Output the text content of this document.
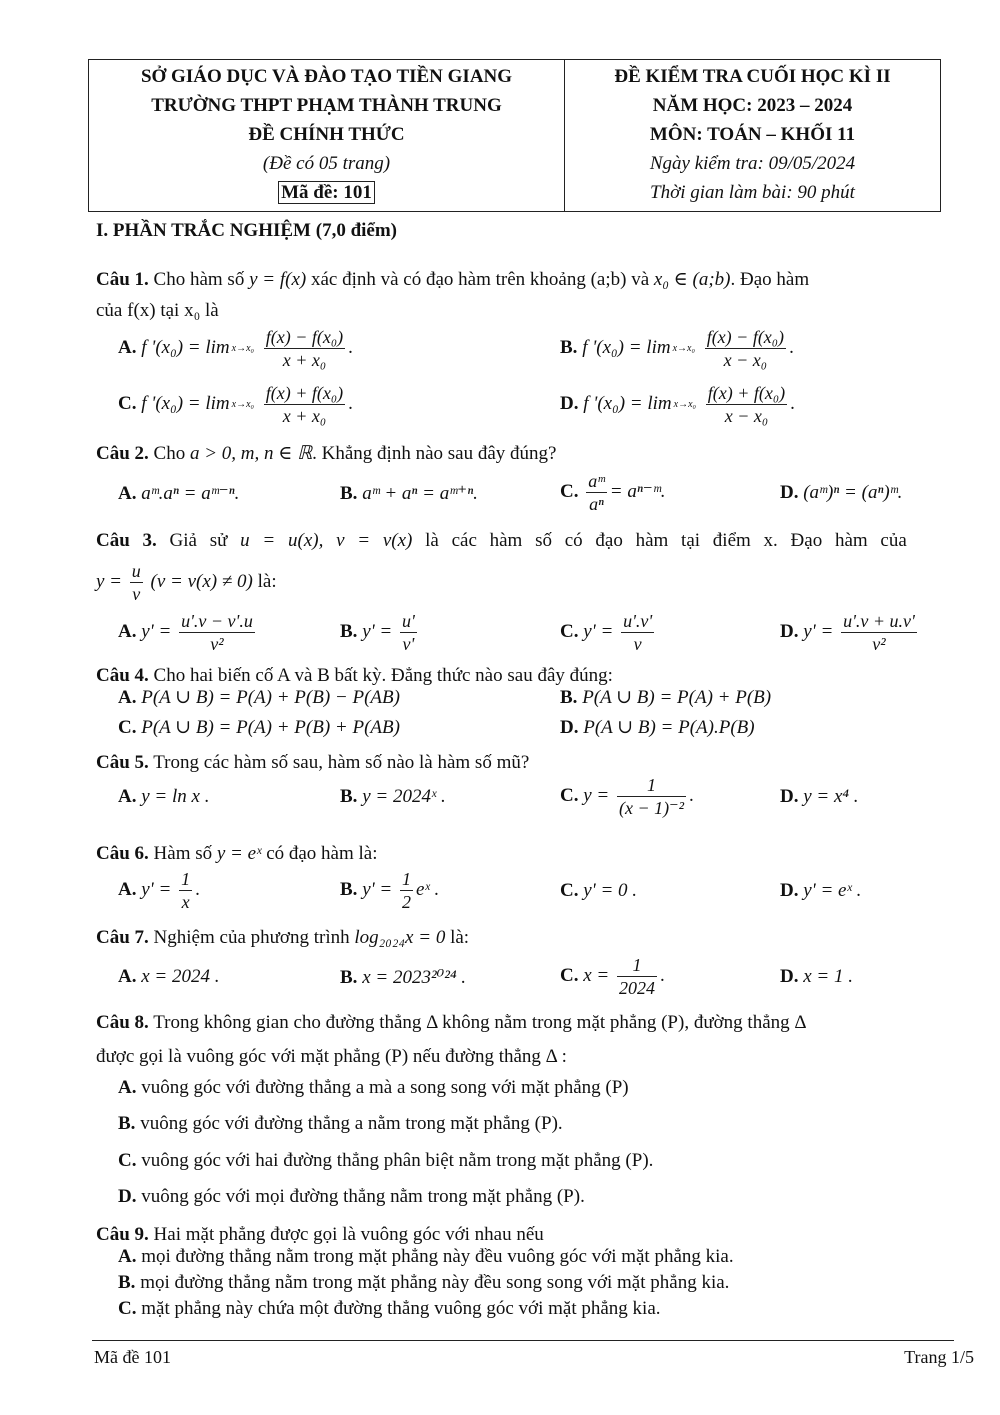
SỞ GIÁO DỤC VÀ ĐÀO TẠO TIỀN GIANG
TRƯỜNG THPT PHẠM THÀNH TRUNG
ĐỀ CHÍNH THỨC
(Đề có 05 trang)
Mã đề: 101

ĐỀ KIỂM TRA CUỐI HỌC KÌ II
NĂM HỌC: 2023 – 2024
MÔN: TOÁN – KHỐI 11
Ngày kiểm tra: 09/05/2024
Thời gian làm bài: 90 phút
I. PHẦN TRẮC NGHIỆM (7,0 điểm)
Câu 1. Cho hàm số y = f(x) xác định và có đạo hàm trên khoảng (a;b) và x₀ ∈ (a;b). Đạo hàm
của f(x) tại x₀ là
A. f '(x₀) = lim x→x₀
$\frac{\text{f(x) − f(x₀)}}{\text{x + x₀}}$ .	B. f '(x₀) = lim x→x₀
$\frac{\text{f(x) − f(x₀)}}{\text{x − x₀}}$ .
C. f '(x₀) = lim x→x₀
$\frac{\text{f(x) + f(x₀)}}{\text{x + x₀}}$ .	D. f '(x₀) = lim x→x₀
$\frac{\text{f(x) + f(x₀)}}{\text{x − x₀}}$ .
Câu 2. Cho a > 0, m, n ∈ ℝ. Khẳng định nào sau đây đúng?
A. aᵐ.aⁿ = aᵐ⁻ⁿ.	B. aᵐ + aⁿ = aᵐ⁺ⁿ.	C. $\frac{\text{aᵐ}}{\text{aⁿ}}$ = aⁿ⁻ᵐ.	D. (aᵐ)ⁿ = (aⁿ)ᵐ.
Câu 3. Giả sử u = u(x), v = v(x) là các hàm số có đạo hàm tại điểm x. Đạo hàm của
$y = \frac{u}{v} (v = v(x) \ne 0)$ là:
A. $y' = \frac{u'.v - v'.u}{\text{v²}}$	B. $y' = \frac{u'}{v'}$	C. $y' = \frac{u'.v'}{v}$	D. $y' = \frac{u'.v + u.v'}{\text{v²}}$
Câu 4. Cho hai biến cố A và B bất kỳ. Đẳng thức nào sau đây đúng:
A. P(A ∪ B) = P(A) + P(B) − P(AB)	B. P(A ∪ B) = P(A) + P(B)
C. P(A ∪ B) = P(A) + P(B) + P(AB)	D. P(A ∪ B) = P(A).P(B)
Câu 5. Trong các hàm số sau, hàm số nào là hàm số mũ?
A. y = ln x .	B. y = 2024ˣ .	C. $y = \frac{1}{\text{(x − 1)⁻²}}$ .	D. y = x⁴ .
Câu 6. Hàm số y = eˣ có đạo hàm là:
A. $y' = \frac{1}{x}$ .	B. $y' = \frac{1}{2}$ eˣ .	C. y' = 0 .	D. y' = eˣ .
Câu 7. Nghiệm của phương trình log₂₀₂₄x = 0 là:
A. x = 2024 .	B. x = 2023²⁰²⁴ .	C. $x = \frac{1}{2024}$ .	D. x = 1 .
Câu 8. Trong không gian cho đường thẳng Δ không nằm trong mặt phẳng (P), đường thẳng Δ
được gọi là vuông góc với mặt phẳng (P) nếu đường thẳng Δ :
A. vuông góc với đường thẳng a mà a song song với mặt phẳng (P)
B. vuông góc với đường thẳng a nằm trong mặt phẳng (P).
C. vuông góc với hai đường thẳng phân biệt nằm trong mặt phẳng (P).
D. vuông góc với mọi đường thẳng nằm trong mặt phẳng (P).
Câu 9. Hai mặt phẳng được gọi là vuông góc với nhau nếu
A. mọi đường thẳng nằm trong mặt phẳng này đều vuông góc với mặt phẳng kia.
B. mọi đường thẳng nằm trong mặt phẳng này đều song song với mặt phẳng kia.
C. mặt phẳng này chứa một đường thẳng vuông góc với mặt phẳng kia.
Mã đề 101	Trang 1/5
